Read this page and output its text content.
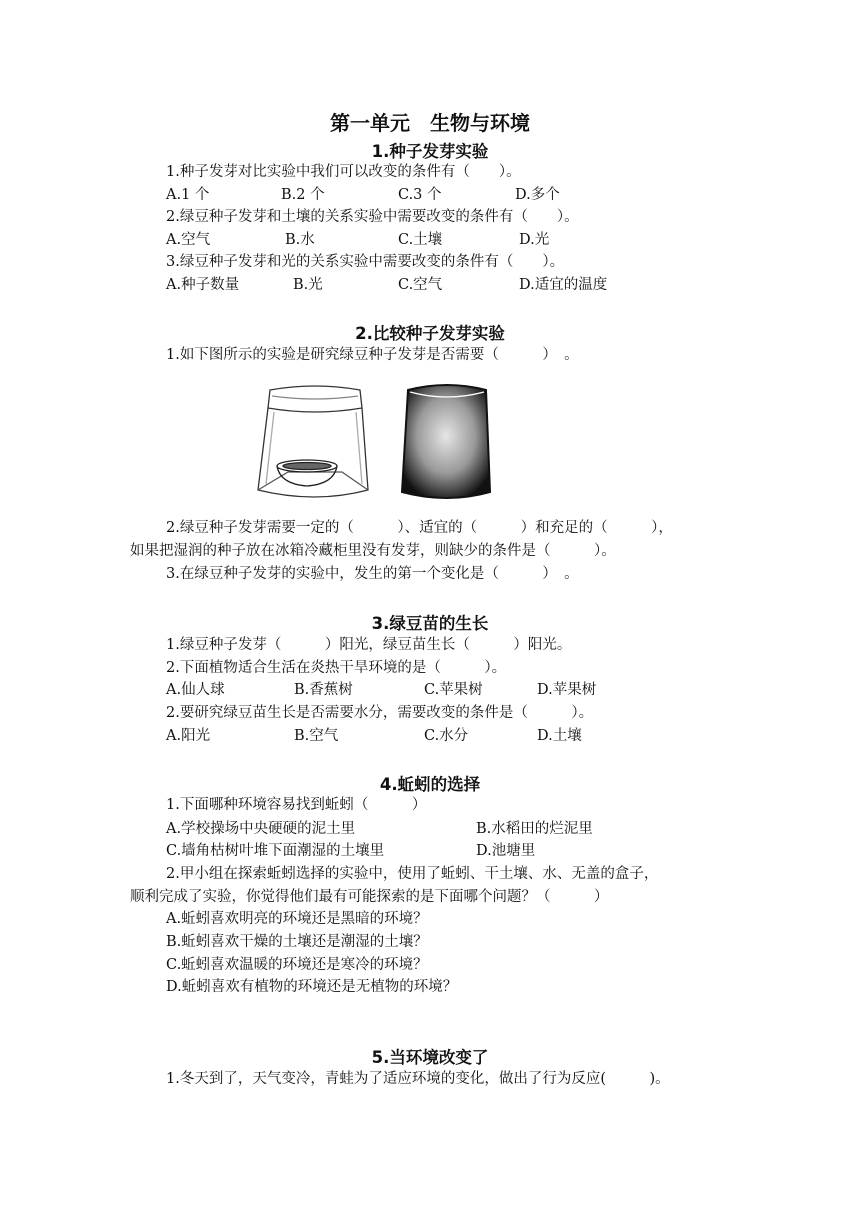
第一单元　生物与环境
1.种子发芽实验
1.种子发芽对比实验中我们可以改变的条件有（　　）。
A.1 个	B.2 个	C.3 个	D.多个
2.绿豆种子发芽和土壤的关系实验中需要改变的条件有（　　）。
A.空气	B.水	C.土壤	D.光
3.绿豆种子发芽和光的关系实验中需要改变的条件有（　　）。
A.种子数量	B.光	C.空气	D.适宜的温度
2.比较种子发芽实验
1.如下图所示的实验是研究绿豆种子发芽是否需要（　　　）　。
2.绿豆种子发芽需要一定的（　　　）、适宜的（　　　）和充足的（　　　），
如果把湿润的种子放在冰箱冷藏柜里没有发芽，则缺少的条件是（　　　）。
3.在绿豆种子发芽的实验中，发生的第一个变化是（　　　）　。
3.绿豆苗的生长
1.绿豆种子发芽（　　　）阳光，绿豆苗生长（　　　）阳光。
2.下面植物适合生活在炎热干旱环境的是（　　　）。
A.仙人球	B.香蕉树	C.苹果树	D.苹果树
2.要研究绿豆苗生长是否需要水分，需要改变的条件是（　　　）。
A.阳光	B.空气	C.水分	D.土壤
4.蚯蚓的选择
1.下面哪种环境容易找到蚯蚓（　　　）
A.学校操场中央硬硬的泥土里	B.水稻田的烂泥里
C.墙角枯树叶堆下面潮湿的土壤里	D.池塘里
2.甲小组在探索蚯蚓选择的实验中，使用了蚯蚓、干土壤、水、无盖的盒子，
顺利完成了实验，你觉得他们最有可能探索的是下面哪个问题？（　　　）
A.蚯蚓喜欢明亮的环境还是黑暗的环境？
B.蚯蚓喜欢干燥的土壤还是潮湿的土壤？
C.蚯蚓喜欢温暖的环境还是寒冷的环境？
D.蚯蚓喜欢有植物的环境还是无植物的环境？
5.当环境改变了
1.冬天到了，天气变冷，青蛙为了适应环境的变化，做出了行为反应(　　　)。
